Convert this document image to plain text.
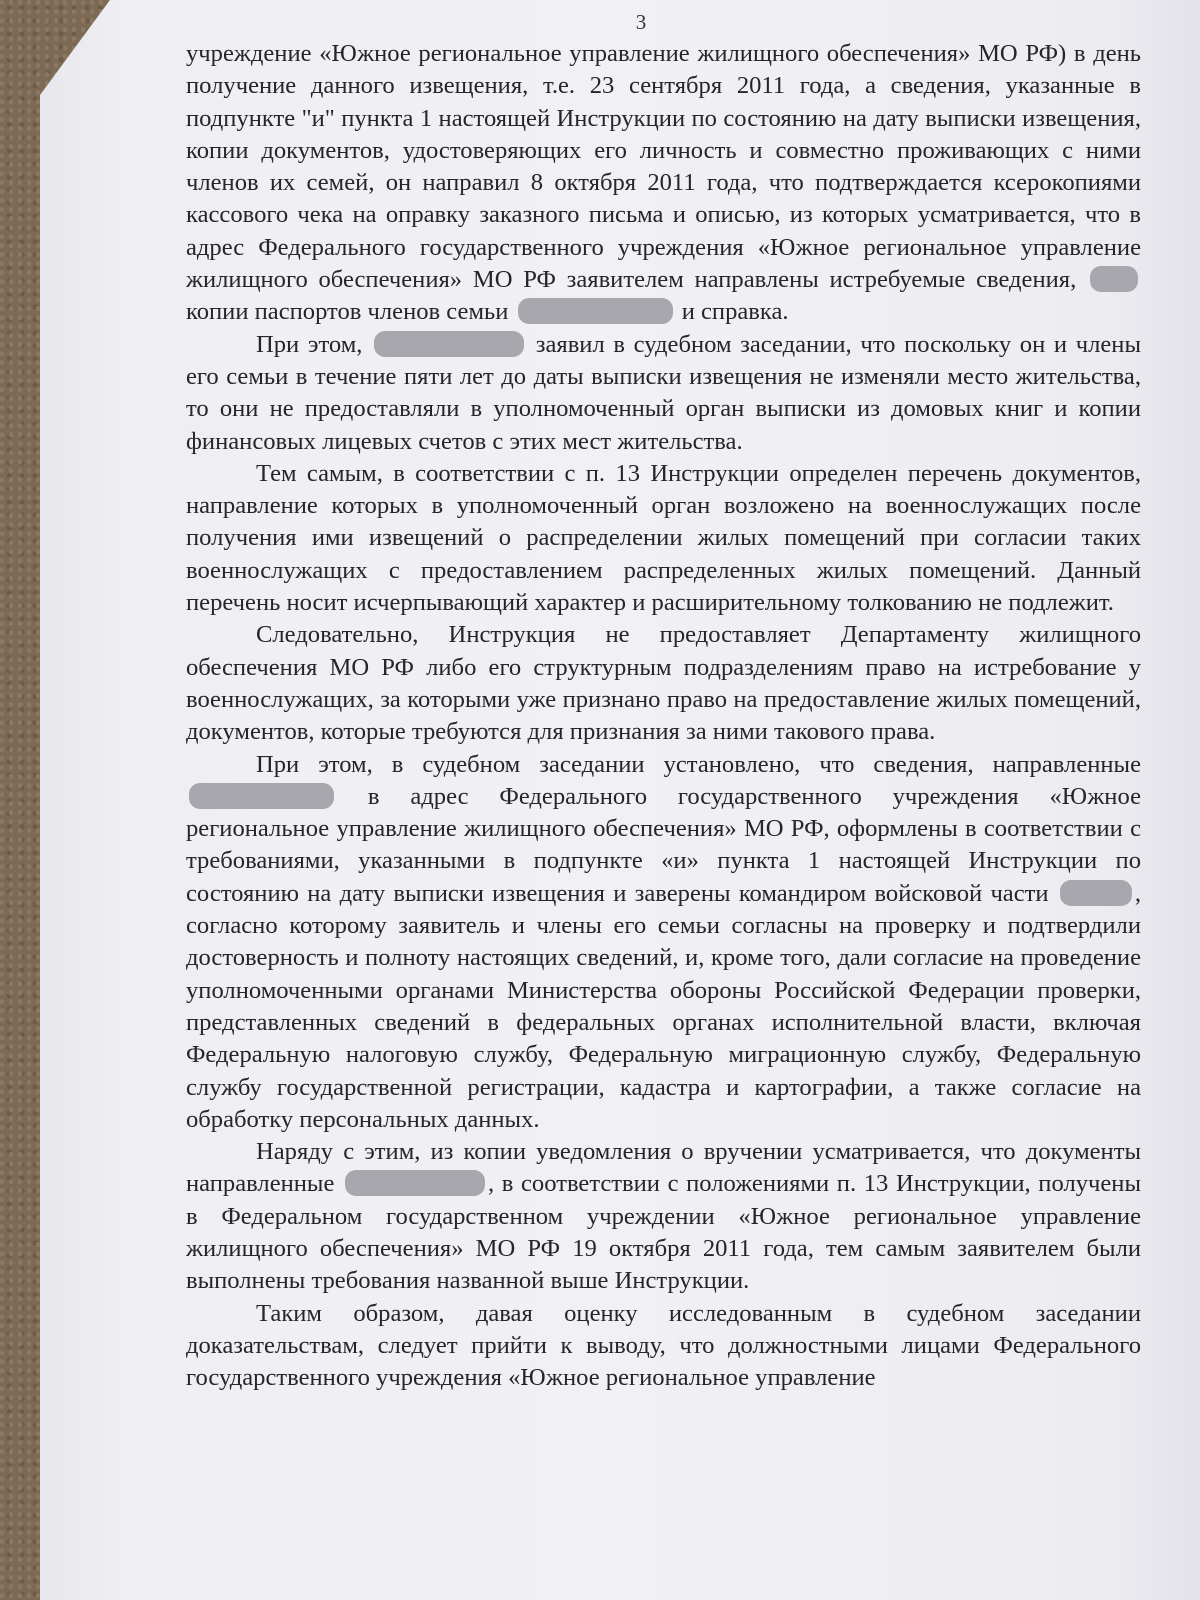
3

учреждение «Южное региональное управление жилищного обеспечения» МО РФ) в день получение данного извещения, т.е. 23 сентября 2011 года, а сведения, указанные в подпункте "и" пункта 1 настоящей Инструкции по состоянию на дату выписки извещения, копии документов, удостоверяющих его личность и совместно проживающих с ними членов их семей, он направил 8 октября 2011 года, что подтверждается ксерокопиями кассового чека на оправку заказного письма и описью, из которых усматривается, что в адрес Федерального государственного учреждения «Южное региональное управление жилищного обеспечения» МО РФ заявителем направлены истребуемые сведения,  копии паспортов членов семьи	и справка.

При этом,	заявил в судебном заседании, что поскольку он и члены его семьи в течение пяти лет до даты выписки извещения не изменяли место жительства, то они не предоставляли в уполномоченный орган выписки из домовых книг и копии финансовых лицевых счетов с этих мест жительства.

Тем самым, в соответствии с п. 13 Инструкции определен перечень документов, направление которых в уполномоченный орган возложено на военнослужащих после получения ими извещений о распределении жилых помещений при согласии таких военнослужащих с предоставлением распределенных жилых помещений. Данный перечень носит исчерпывающий характер и расширительному толкованию не подлежит.

Следовательно, Инструкция не предоставляет Департаменту жилищного обеспечения МО РФ либо его структурным подразделениям право на истребование у военнослужащих, за которыми уже признано право на предоставление жилых помещений, документов, которые требуются для признания за ними такового права.

При этом, в судебном заседании установлено, что сведения, направленные  в адрес Федерального государственного учреждения «Южное региональное управление жилищного обеспечения» МО РФ, оформлены в соответствии с требованиями, указанными в подпункте «и» пункта 1 настоящей Инструкции по состоянию на дату выписки извещения и заверены командиром войсковой части	, согласно которому заявитель и члены его семьи согласны на проверку и подтвердили достоверность и полноту настоящих сведений, и, кроме того, дали согласие на проведение уполномоченными органами Министерства обороны Российской Федерации проверки, представленных сведений в федеральных органах исполнительной власти, включая Федеральную налоговую службу, Федеральную миграционную службу, Федеральную службу государственной регистрации, кадастра и картографии, а также согласие на обработку персональных данных.

Наряду с этим, из копии уведомления о вручении усматривается, что документы направленные	, в соответствии с положениями п. 13 Инструкции, получены в Федеральном государственном учреждении «Южное региональное управление жилищного обеспечения» МО РФ 19 октября 2011 года, тем самым заявителем были выполнены требования названной выше Инструкции.

Таким образом, давая оценку исследованным в судебном заседании доказательствам, следует прийти к выводу, что должностными лицами Федерального государственного учреждения «Южное региональное управление
